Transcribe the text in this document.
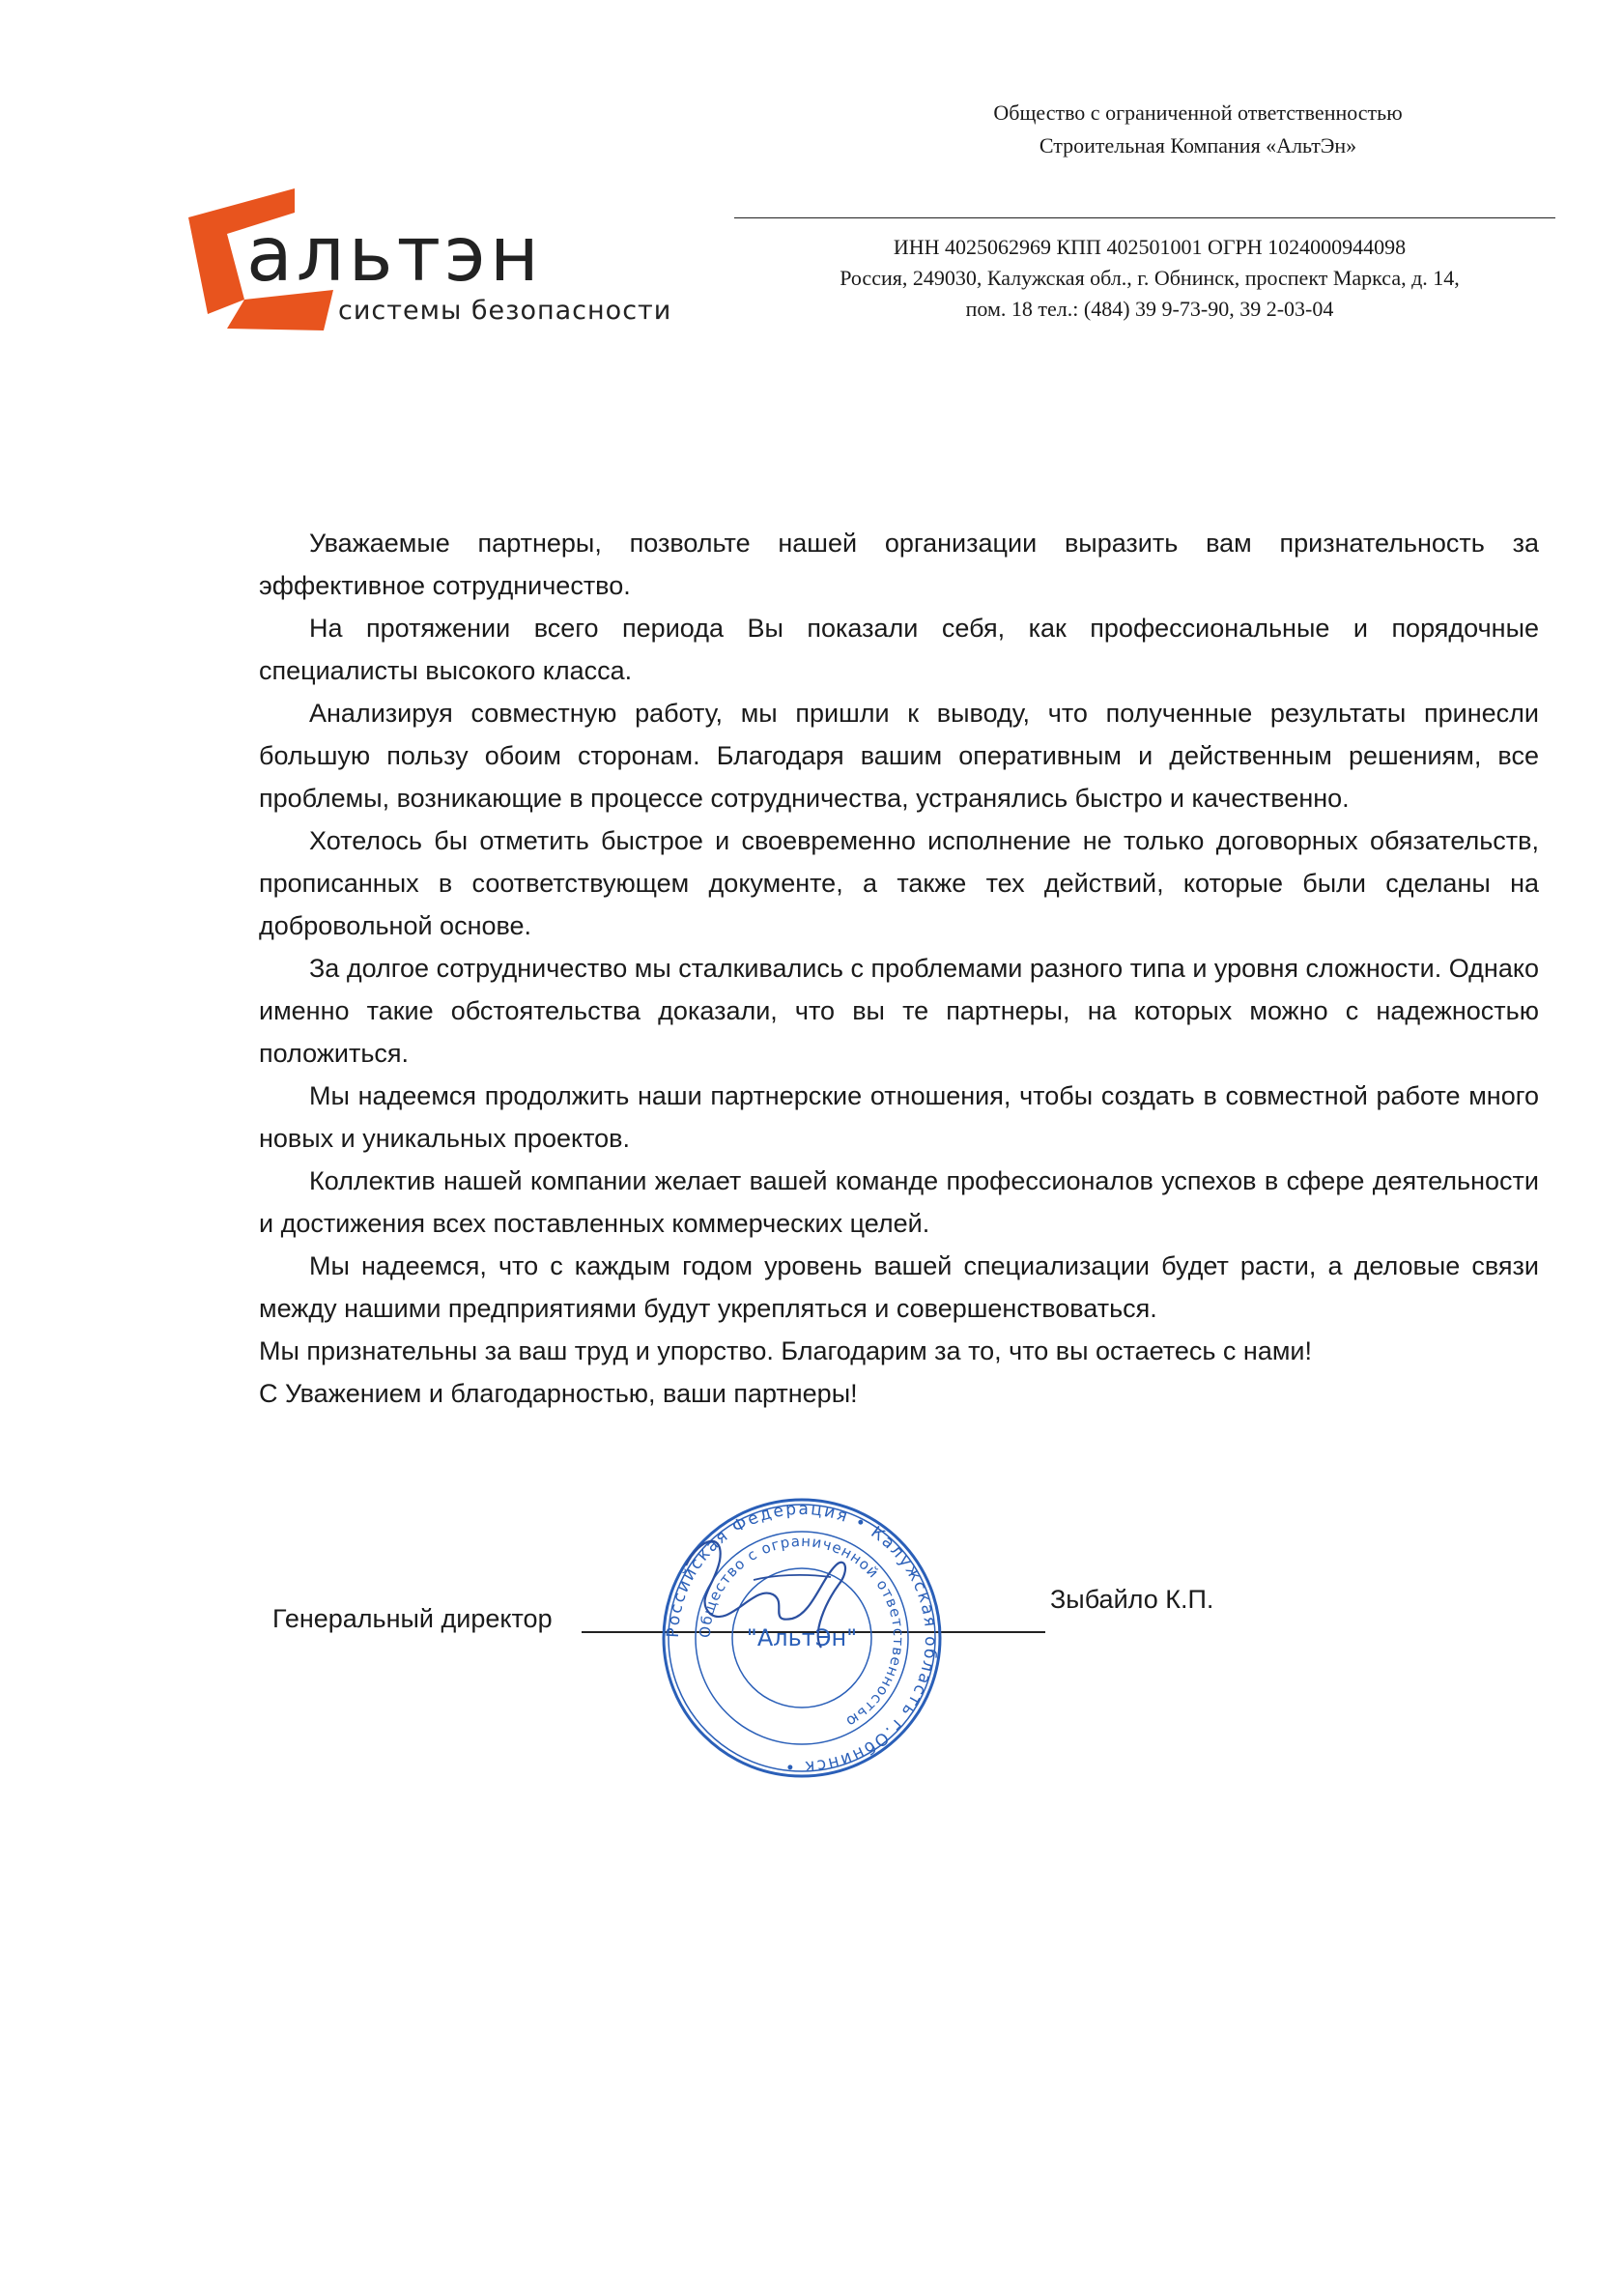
Общество с ограниченной ответственностью
Строительная Компания «АльтЭн»
ИНН 4025062969 КПП 402501001 ОГРН 1024000944098
Россия, 249030, Калужская обл., г. Обнинск, проспект Маркса, д. 14,
пом. 18 тел.: (484) 39 9-73-90, 39 2-03-04
альтэн
системы безопасности

Уважаемые партнеры, позвольте нашей организации выразить вам признательность за эффективное сотрудничество.

На протяжении всего периода Вы показали себя, как профессиональные и порядочные специалисты высокого класса.

Анализируя совместную работу, мы пришли к выводу, что полученные результаты принесли большую пользу обоим сторонам. Благодаря вашим оперативным и действенным решениям, все проблемы, возникающие в процессе сотрудничества, устранялись быстро и качественно.

Хотелось бы отметить быстрое и своевременно исполнение не только договорных обязательств, прописанных в соответствующем документе, а также тех действий, которые были сделаны на добровольной основе.

За долгое сотрудничество мы сталкивались с проблемами разного типа и уровня сложности. Однако именно такие обстоятельства доказали, что вы те партнеры, на которых можно с надежностью положиться.

Мы надеемся продолжить наши партнерские отношения, чтобы создать в совместной работе много новых и уникальных проектов.

Коллектив нашей компании желает вашей команде профессионалов успехов в сфере деятельности и достижения всех поставленных коммерческих целей.

Мы надеемся, что с каждым годом уровень вашей специализации будет расти, а деловые связи между нашими предприятиями будут укрепляться и совершенствоваться.

Мы признательны за ваш труд и упорство. Благодарим за то, что вы остаетесь с нами!

С Уважением и благодарностью, ваши партнеры!

Генеральный директор
Зыбайло К.П.
Российская Федерация • Калужская область г.Обнинск •
Общество с ограниченной ответственностью
"АльтЭн"
